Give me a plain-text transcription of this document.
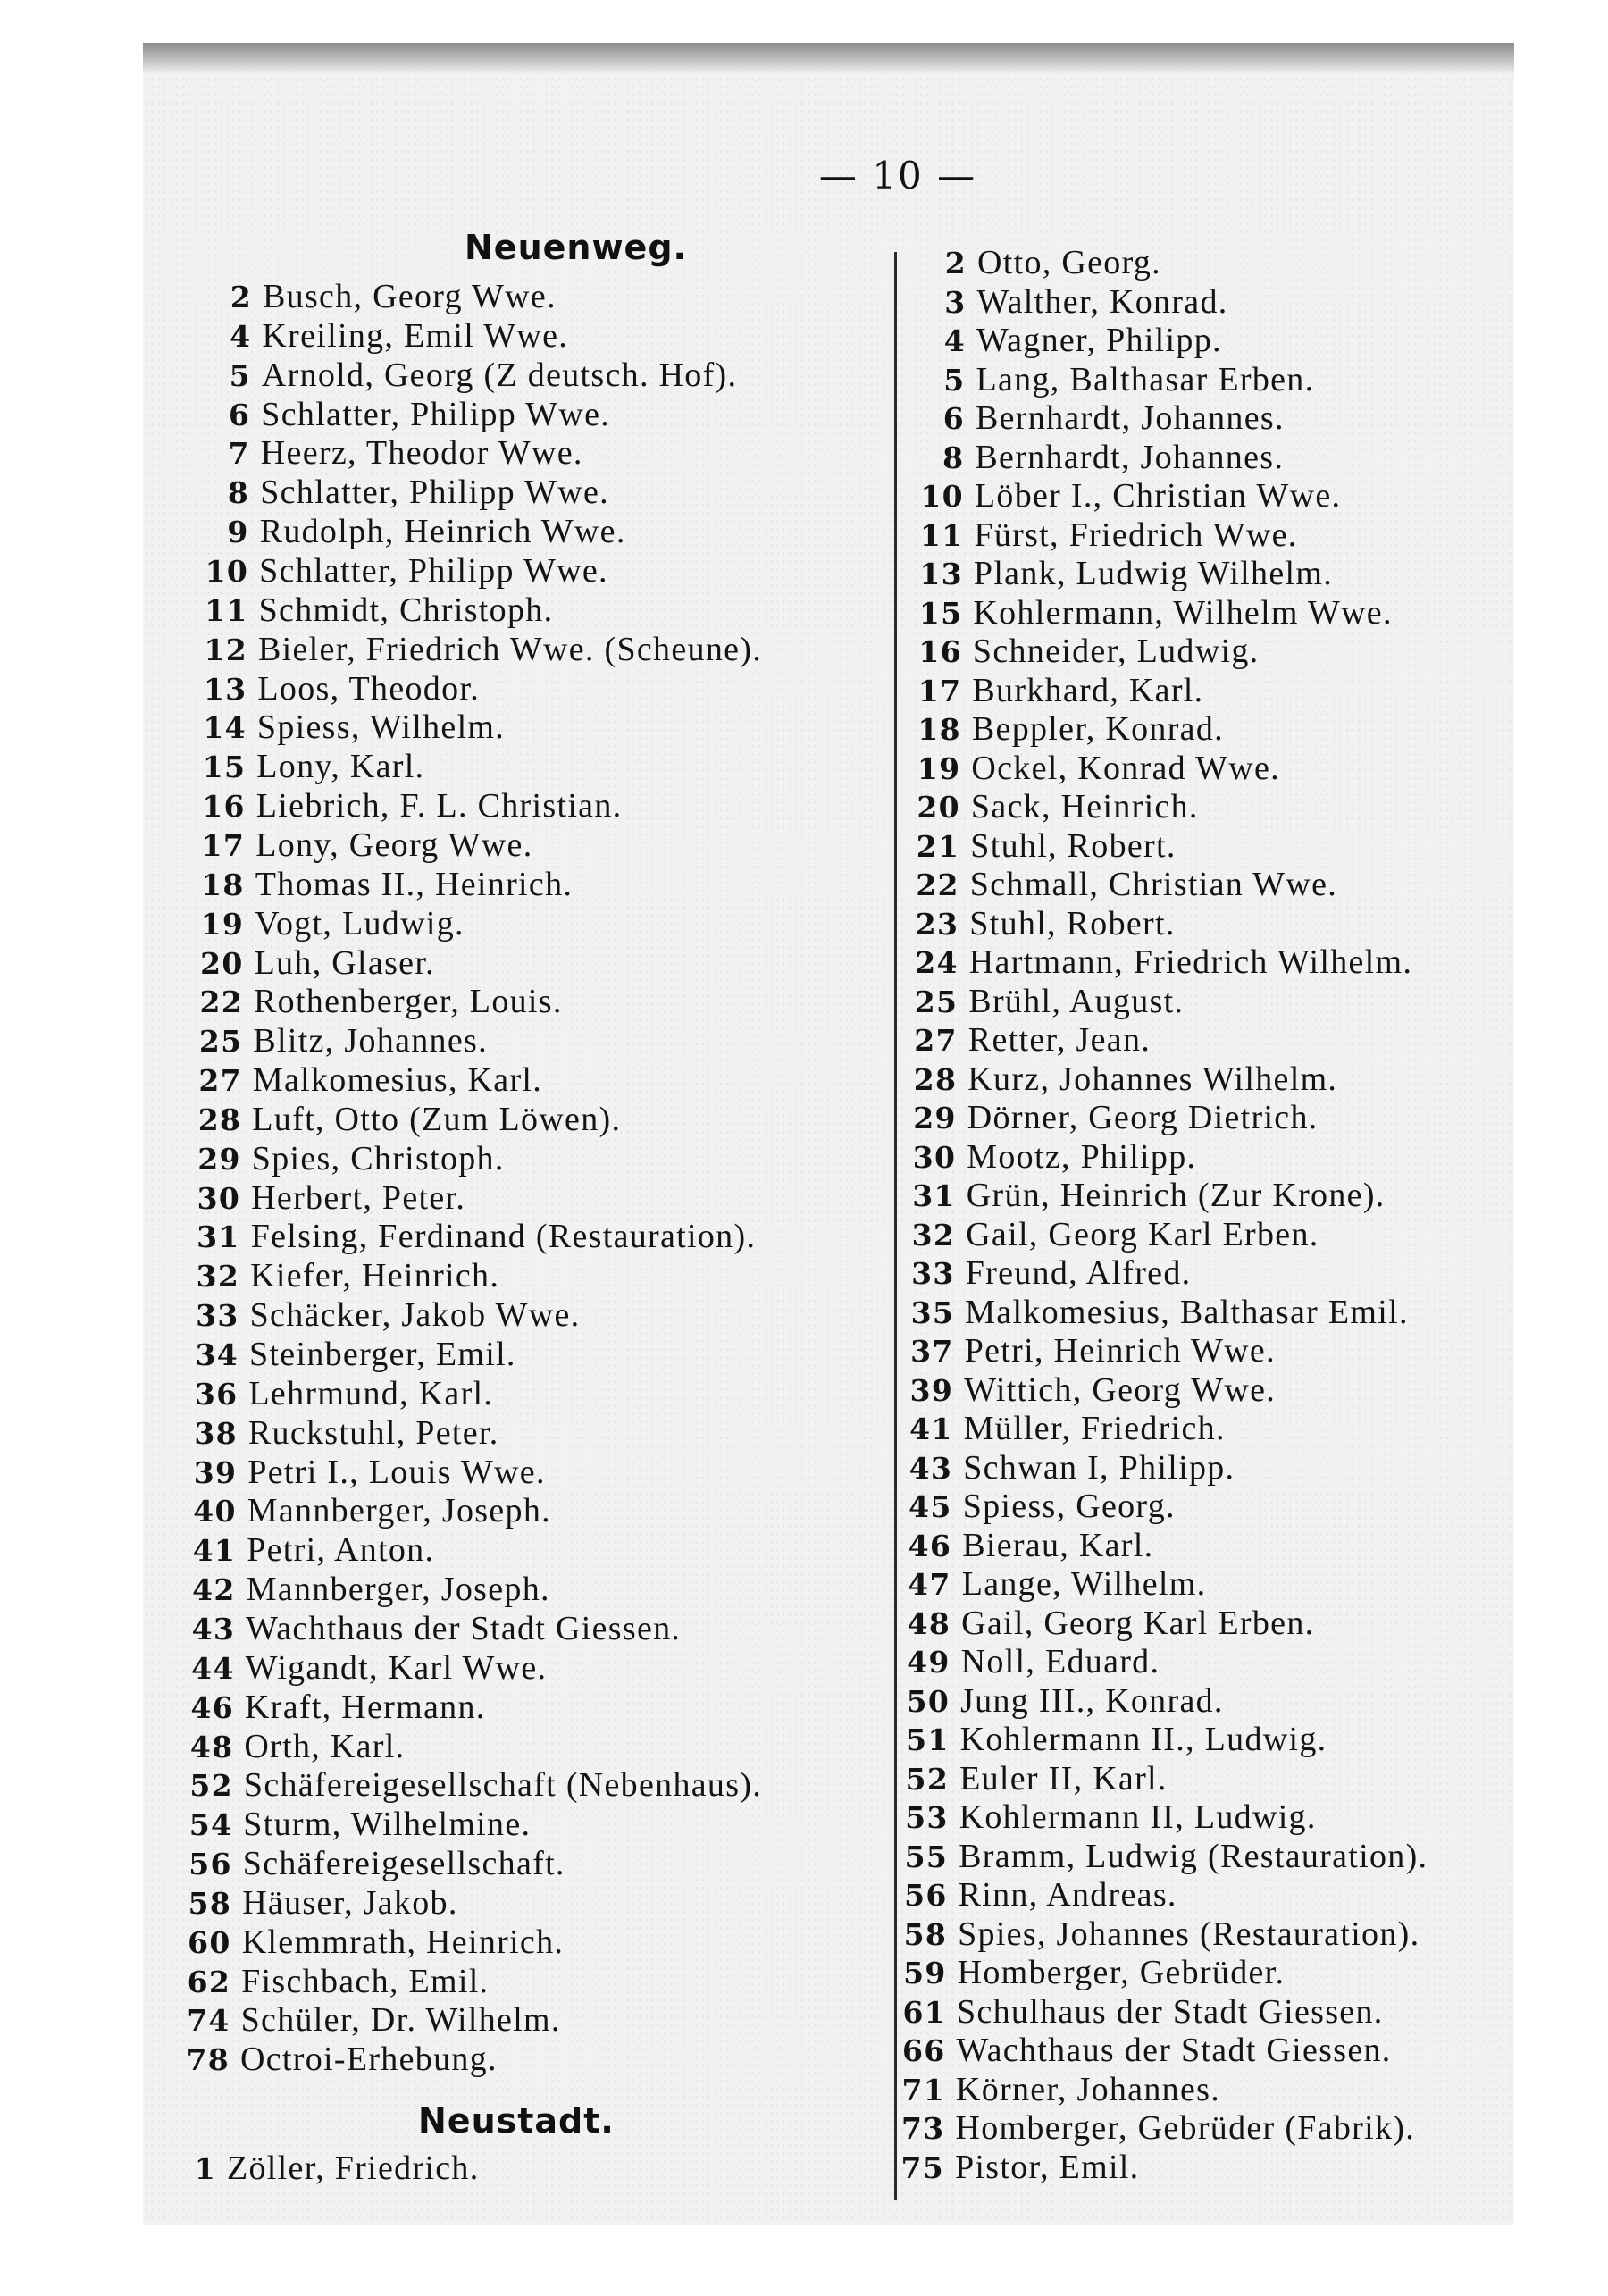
— 10 —
Neuenweg.
2 Busch, Georg Wwe.
4 Kreiling, Emil Wwe.
5 Arnold, Georg (Z deutsch. Hof).
6 Schlatter, Philipp Wwe.
7 Heerz, Theodor Wwe.
8 Schlatter, Philipp Wwe.
9 Rudolph, Heinrich Wwe.
10 Schlatter, Philipp Wwe.
11 Schmidt, Christoph.
12 Bieler, Friedrich Wwe. (Scheune).
13 Loos, Theodor.
14 Spiess, Wilhelm.
15 Lony, Karl.
16 Liebrich, F. L. Christian.
17 Lony, Georg Wwe.
18 Thomas II., Heinrich.
19 Vogt, Ludwig.
20 Luh, Glaser.
22 Rothenberger, Louis.
25 Blitz, Johannes.
27 Malkomesius, Karl.
28 Luft, Otto (Zum Löwen).
29 Spies, Christoph.
30 Herbert, Peter.
31 Felsing, Ferdinand (Restauration).
32 Kiefer, Heinrich.
33 Schäcker, Jakob Wwe.
34 Steinberger, Emil.
36 Lehrmund, Karl.
38 Ruckstuhl, Peter.
39 Petri I., Louis Wwe.
40 Mannberger, Joseph.
41 Petri, Anton.
42 Mannberger, Joseph.
43 Wachthaus der Stadt Giessen.
44 Wigandt, Karl Wwe.
46 Kraft, Hermann.
48 Orth, Karl.
52 Schäfereigesellschaft (Nebenhaus).
54 Sturm, Wilhelmine.
56 Schäfereigesellschaft.
58 Häuser, Jakob.
60 Klemmrath, Heinrich.
62 Fischbach, Emil.
74 Schüler, Dr. Wilhelm.
78 Octroi-Erhebung.
Neustadt.
1 Zöller, Friedrich.
2 Otto, Georg.
3 Walther, Konrad.
4 Wagner, Philipp.
5 Lang, Balthasar Erben.
6 Bernhardt, Johannes.
8 Bernhardt, Johannes.
10 Löber I., Christian Wwe.
11 Fürst, Friedrich Wwe.
13 Plank, Ludwig Wilhelm.
15 Kohlermann, Wilhelm Wwe.
16 Schneider, Ludwig.
17 Burkhard, Karl.
18 Beppler, Konrad.
19 Ockel, Konrad Wwe.
20 Sack, Heinrich.
21 Stuhl, Robert.
22 Schmall, Christian Wwe.
23 Stuhl, Robert.
24 Hartmann, Friedrich Wilhelm.
25 Brühl, August.
27 Retter, Jean.
28 Kurz, Johannes Wilhelm.
29 Dörner, Georg Dietrich.
30 Mootz, Philipp.
31 Grün, Heinrich (Zur Krone).
32 Gail, Georg Karl Erben.
33 Freund, Alfred.
35 Malkomesius, Balthasar Emil.
37 Petri, Heinrich Wwe.
39 Wittich, Georg Wwe.
41 Müller, Friedrich.
43 Schwan I, Philipp.
45 Spiess, Georg.
46 Bierau, Karl.
47 Lange, Wilhelm.
48 Gail, Georg Karl Erben.
49 Noll, Eduard.
50 Jung III., Konrad.
51 Kohlermann II., Ludwig.
52 Euler II, Karl.
53 Kohlermann II, Ludwig.
55 Bramm, Ludwig (Restauration).
56 Rinn, Andreas.
58 Spies, Johannes (Restauration).
59 Homberger, Gebrüder.
61 Schulhaus der Stadt Giessen.
66 Wachthaus der Stadt Giessen.
71 Körner, Johannes.
73 Homberger, Gebrüder (Fabrik).
75 Pistor, Emil.
